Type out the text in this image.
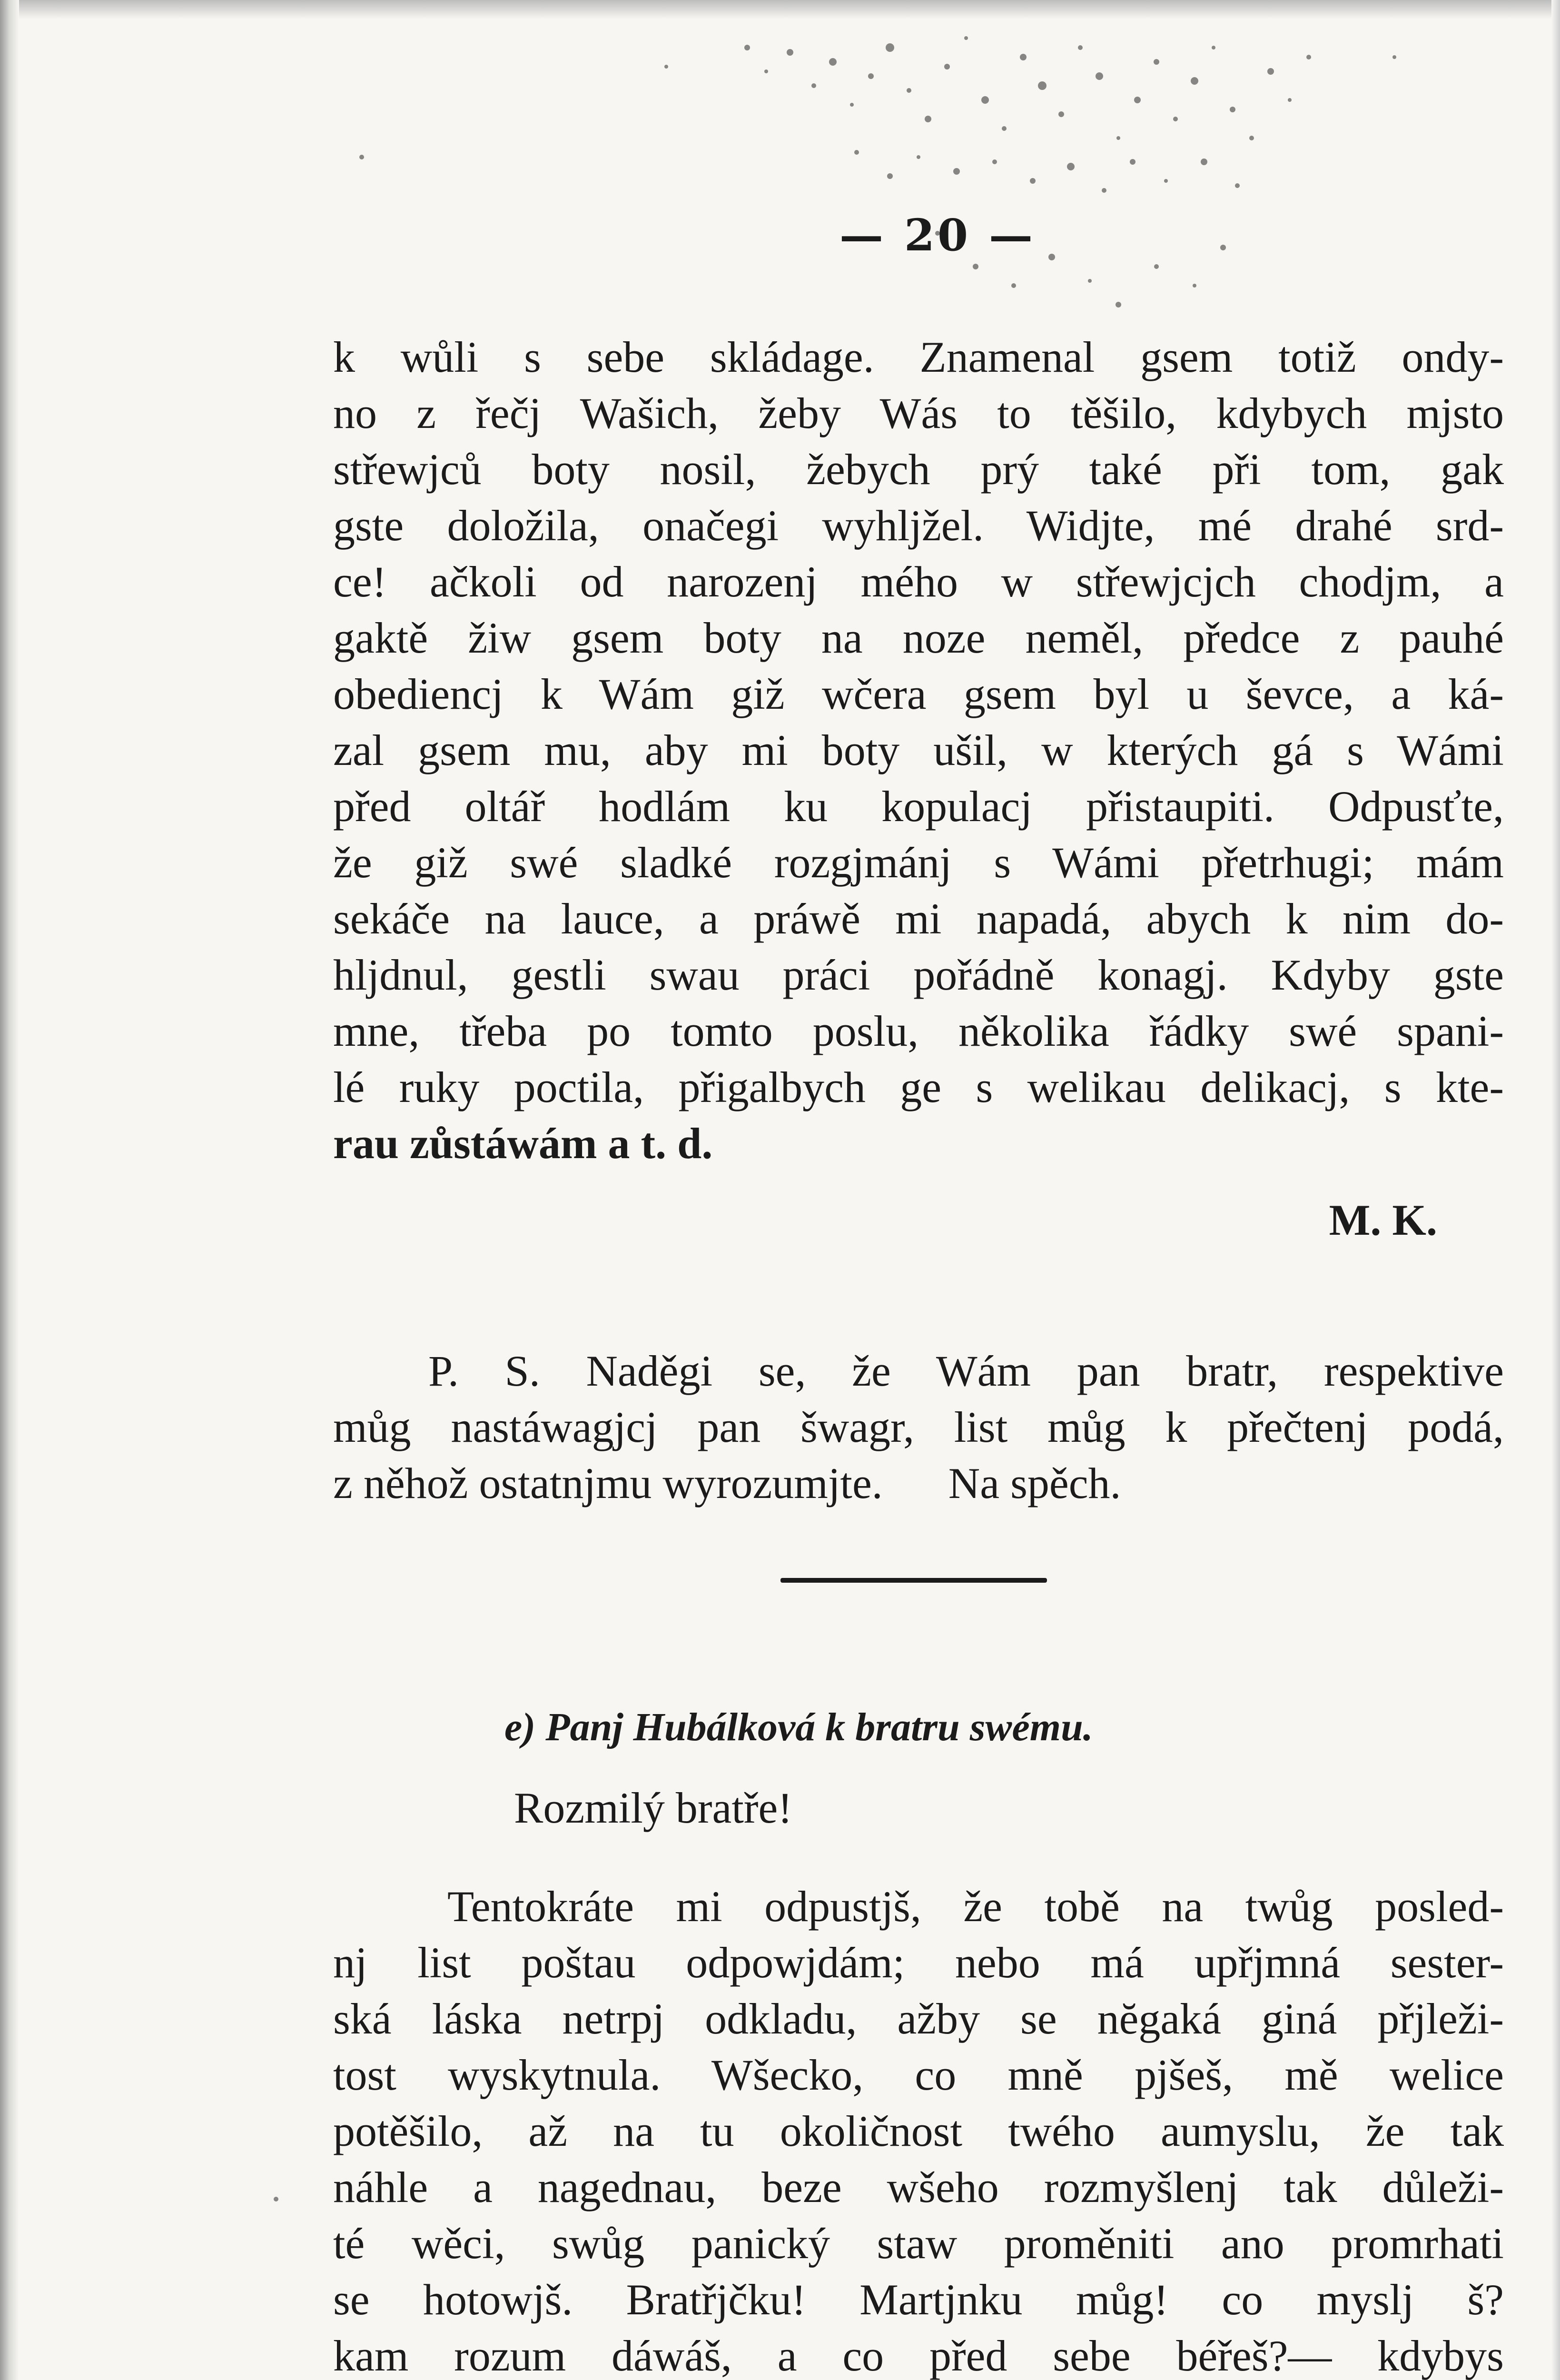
— 20 —
k wůli s sebe skládage. Znamenal gsem totiž ondy-
no z řečj Wašich, žeby Wás to těšilo, kdybych mjsto
střewjců boty nosil, žebych prý také při tom, gak
gste doložila, onačegi wyhljžel. Widjte, mé drahé srd-
ce! ačkoli od narozenj mého w střewjcjch chodjm, a
gaktě žiw gsem boty na noze neměl, předce z pauhé
obediencj k Wám giž wčera gsem byl u ševce, a ká-
zal gsem mu, aby mi boty ušil, w kterých gá s Wámi
před oltář hodlám ku kopulacj přistaupiti. Odpusťte,
že giž swé sladké rozgjmánj s Wámi přetrhugi; mám
sekáče na lauce, a práwě mi napadá, abych k nim do-
hljdnul, gestli swau práci pořádně konagj. Kdyby gste
mne, třeba po tomto poslu, několika řádky swé spani-
lé ruky poctila, přigalbych ge s welikau delikacj, s kte-
rau zůstáwám a t. d.
M. K.
P. S. Naděgi se, že Wám pan bratr, respektive
můg nastáwagjcj pan šwagr, list můg k přečtenj podá,
z něhož ostatnjmu wyrozumjte.      Na spěch.
e) Panj Hubálková k bratru swému.
Rozmilý bratře!
Tentokráte mi odpustjš, že tobě na twůg posled-
nj list poštau odpowjdám; nebo má upřjmná sester-
ská láska netrpj odkladu, ažby se nĕgaká giná přjleži-
tost wyskytnula. Wšecko, co mně pjšeš, mě welice
potěšilo, až na tu okoličnost twého aumyslu, že tak
náhle a nagednau, beze wšeho rozmyšlenj tak důleži-
té wěci, swůg panický staw proměniti ano promrhati
se hotowjš. Bratřjčku! Martjnku můg! co myslj š?
kam rozum dáwáš, a co před sebe béřeš?— kdybys
